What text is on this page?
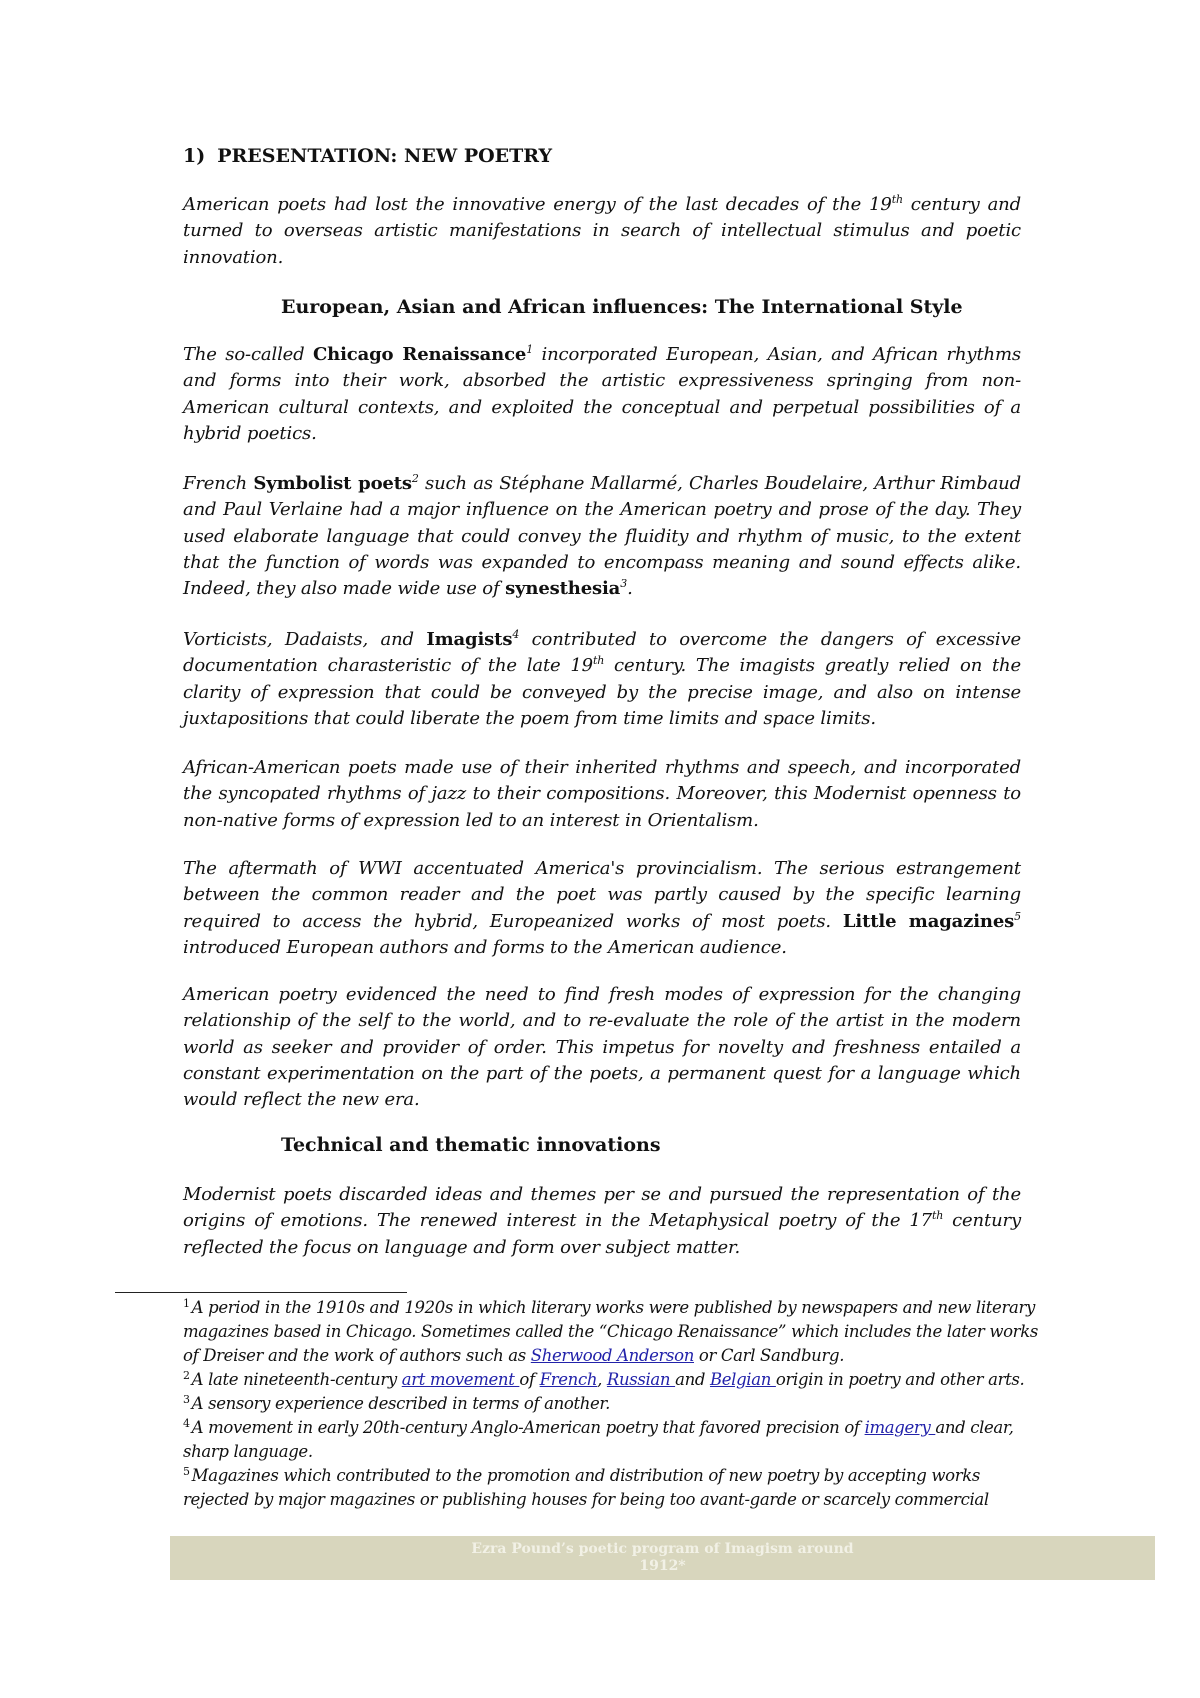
1) PRESENTATION: NEW POETRY

American poets had lost the innovative energy of the last decades of the 19th century and turned to overseas artistic manifestations in search of intellectual stimulus and poetic innovation.

European, Asian and African influences: The International Style

The so-called Chicago Renaissance$^1$ incorporated European, Asian, and African rhythms and forms into their work, absorbed the artistic expressiveness springing from non-American cultural contexts, and exploited the conceptual and perpetual possibilities of a hybrid poetics.

French Symbolist poets$^2$ such as Stéphane Mallarmé, Charles Boudelaire, Arthur Rimbaud and Paul Verlaine had a major influence on the American poetry and prose of the day. They used elaborate language that could convey the fluidity and rhythm of music, to the extent that the function of words was expanded to encompass meaning and sound effects alike. Indeed, they also made wide use of synesthesia$^3$.

Vorticists, Dadaists, and Imagists$^4$ contributed to overcome the dangers of excessive documentation charasteristic of the late 19th century. The imagists greatly relied on the clarity of expression that could be conveyed by the precise image, and also on intense juxtapositions that could liberate the poem from time limits and space limits.

African-American poets made use of their inherited rhythms and speech, and incorporated the syncopated rhythms of jazz to their compositions. Moreover, this Modernist openness to non-native forms of expression led to an interest in Orientalism.

The aftermath of WWI accentuated America's provincialism. The serious estrangement between the common reader and the poet was partly caused by the specific learning required to access the hybrid, Europeanized works of most poets. Little magazines$^5$ introduced European authors and forms to the American audience.

American poetry evidenced the need to find fresh modes of expression for the changing relationship of the self to the world, and to re-evaluate the role of the artist in the modern world as seeker and provider of order. This impetus for novelty and freshness entailed a constant experimentation on the part of the poets, a permanent quest for a language which would reflect the new era.

Technical and thematic innovations

Modernist poets discarded ideas and themes per se and pursued the representation of the origins of emotions. The renewed interest in the Metaphysical poetry of the 17th century reflected the focus on language and form over subject matter.

$^1$ A period in the 1910s and 1920s in which literary works were published by newspapers and new literary magazines based in Chicago. Sometimes called the “Chicago Renaissance” which includes the later works of Dreiser and the work of authors such as Sherwood Anderson or Carl Sandburg.

$^2$ A late nineteenth-century art movement of French, Russian and Belgian origin in poetry and other arts.

$^3$ A sensory experience described in terms of another.

$^4$ A movement in early 20th-century Anglo-American poetry that favored precision of imagery and clear, sharp language.

$^5$ Magazines which contributed to the promotion and distribution of new poetry by accepting works rejected by major magazines or publishing houses for being too avant-garde or scarcely commercial

Ezra Pound’s poetic program of Imagism around
1912*
